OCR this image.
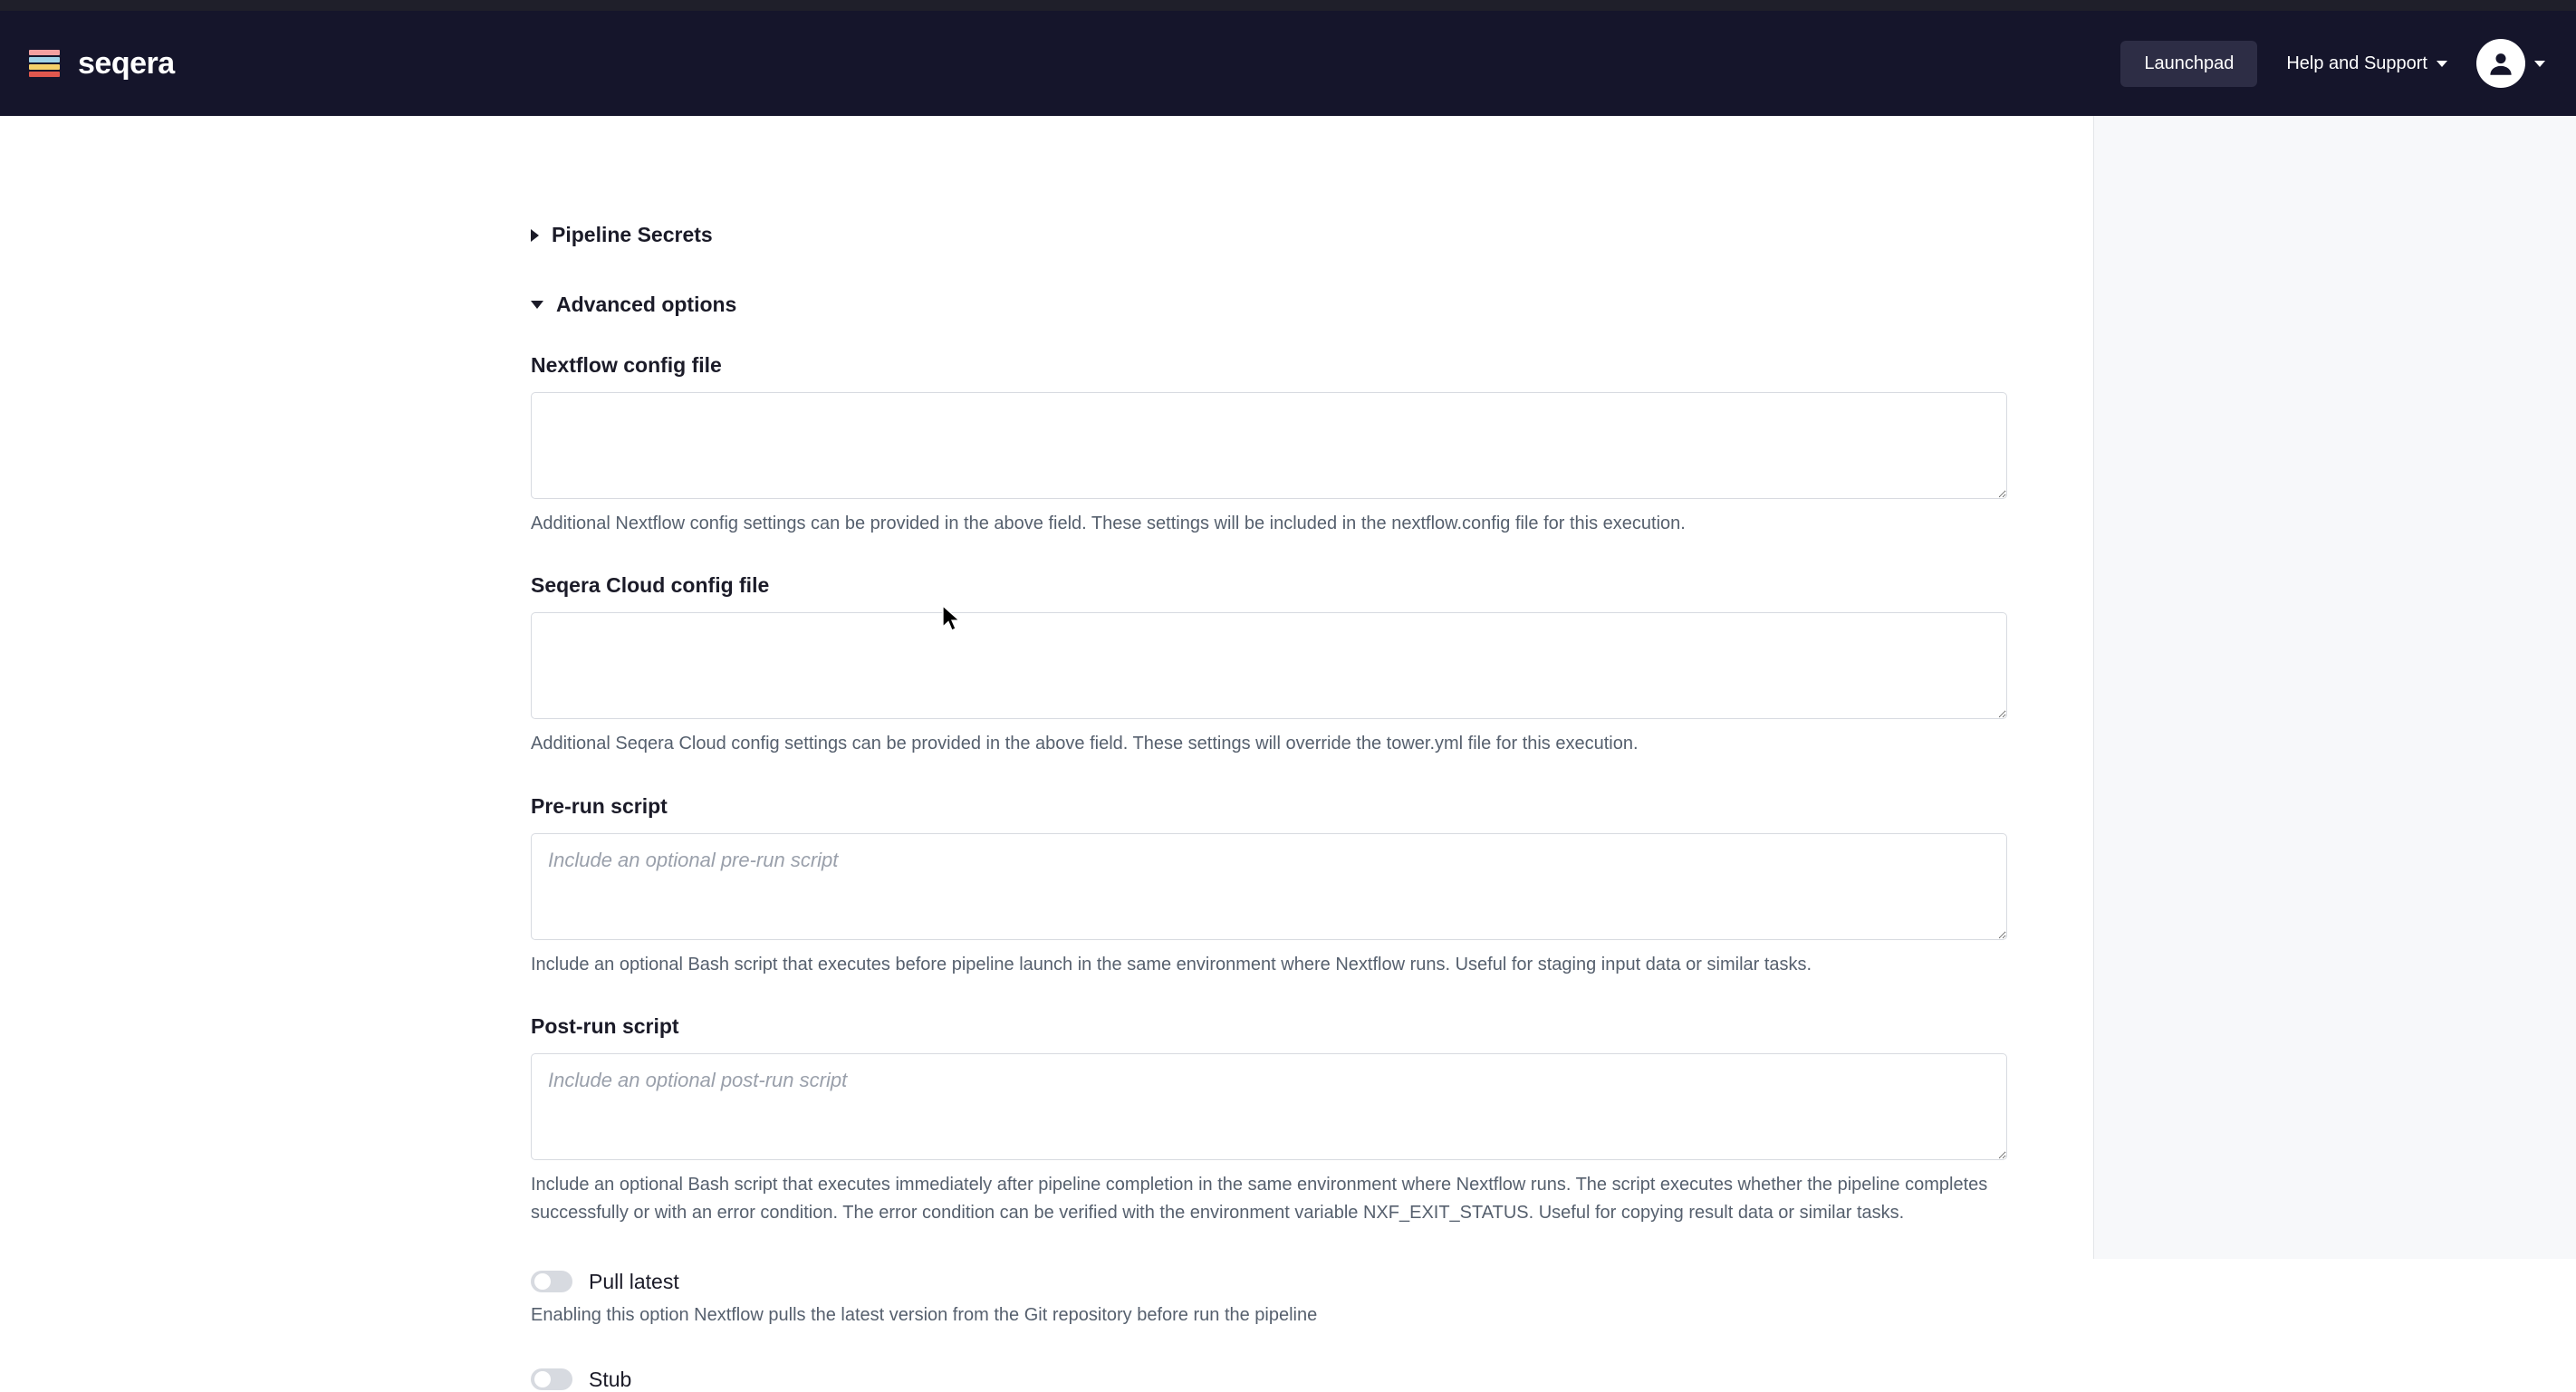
seqera	Launchpad	Help and Support
Pipeline Secrets
Advanced options
Nextflow config file
Additional Nextflow config settings can be provided in the above field. These settings will be included in the nextflow.config file for this execution.
Seqera Cloud config file
Additional Seqera Cloud config settings can be provided in the above field. These settings will override the tower.yml file for this execution.
Pre-run script
Include an optional pre-run script
Include an optional Bash script that executes before pipeline launch in the same environment where Nextflow runs. Useful for staging input data or similar tasks.
Post-run script
Include an optional post-run script
Include an optional Bash script that executes immediately after pipeline completion in the same environment where Nextflow runs. The script executes whether the pipeline completes successfully or with an error condition. The error condition can be verified with the environment variable NXF_EXIT_STATUS. Useful for copying result data or similar tasks.
Pull latest
Enabling this option Nextflow pulls the latest version from the Git repository before run the pipeline
Stub
